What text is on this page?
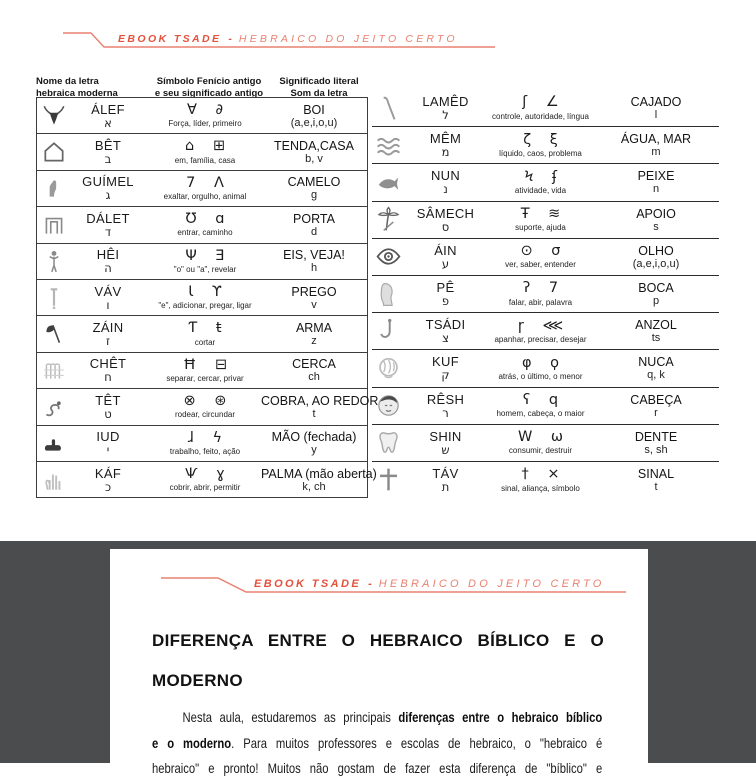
EBOOK TSADE - HEBRAICO DO JEITO CERTO
Nome da letra
hebraica moderna
Símbolo Fenício antigo
e seu significado antigo
Significado literal
Som da letra
ÁLEF
א
∀ ∂
Força, líder, primeiro
BOI
(a,e,i,o,u)
BÊT
ב
⌂ ⊞
em, família, casa
TENDA,CASA
b, v
GUÍMEL
ג
7 Λ
exaltar, orgulho, animal
CAMELO
g
DÁLET
ד
Ʊ ɑ
entrar, caminho
PORTA
d
HÊI
ה
Ψ Ǝ
"o" ou "a", revelar
EIS, VEJA!
h
VÁV
ו
Ɩ ϒ
"e", adicionar, pregar, ligar
PREGO
v
ZÁIN
ז
Ƭ ŧ
cortar
ARMA
z
CHÊT
ח
Ħ ⊟
separar, cercar, privar
CERCA
ch
TÊT
ט
⊗ ⊛
rodear, circundar
COBRA, AO REDOR
t
IUD
י
ɺ ϟ
trabalho, feito, ação
MÃO (fechada)
y
KÁF
כ
Ѱ ɣ
cobrir, abrir, permitir
PALMA (mão aberta)
k, ch
LAMÊD
ל
ʃ ∠
controle, autoridade, língua
CAJADO
l
MÊM
מ
ζ ξ
líquido, caos, problema
ÁGUA, MAR
m
NUN
נ
Ϟ ʄ
atividade, vida
PEIXE
n
SÂMECH
ס
Ŧ ≋
suporte, ajuda
APOIO
s
ÁIN
ע
⊙ σ
ver, saber, entender
OLHO
(a,e,i,o,u)
PÊ
פ
ʔ 7
falar, abir, palavra
BOCA
p
TSÁDI
צ
ɼ ⋘
apanhar, precisar, desejar
ANZOL
ts
KUF
ק
φ ϙ
atrás, o último, o menor
NUCA
q, k
RÊSH
ר
ʕ q
homem, cabeça, o maior
CABEÇA
r
SHIN
ש
W ω
consumir, destruir
DENTE
s, sh
TÁV
ת
† ×
sinal, aliança, símbolo
SINAL
t
EBOOK TSADE - HEBRAICO DO JEITO CERTO
DIFERENÇA ENTRE O HEBRAICO BÍBLICO E O
MODERNO
Nesta aula, estudaremos as principais diferenças entre o hebraico bíblico
e o moderno. Para muitos professores e escolas de hebraico, o "hebraico é
hebraico" e pronto! Muitos não gostam de fazer esta diferença de "bíblico" e
